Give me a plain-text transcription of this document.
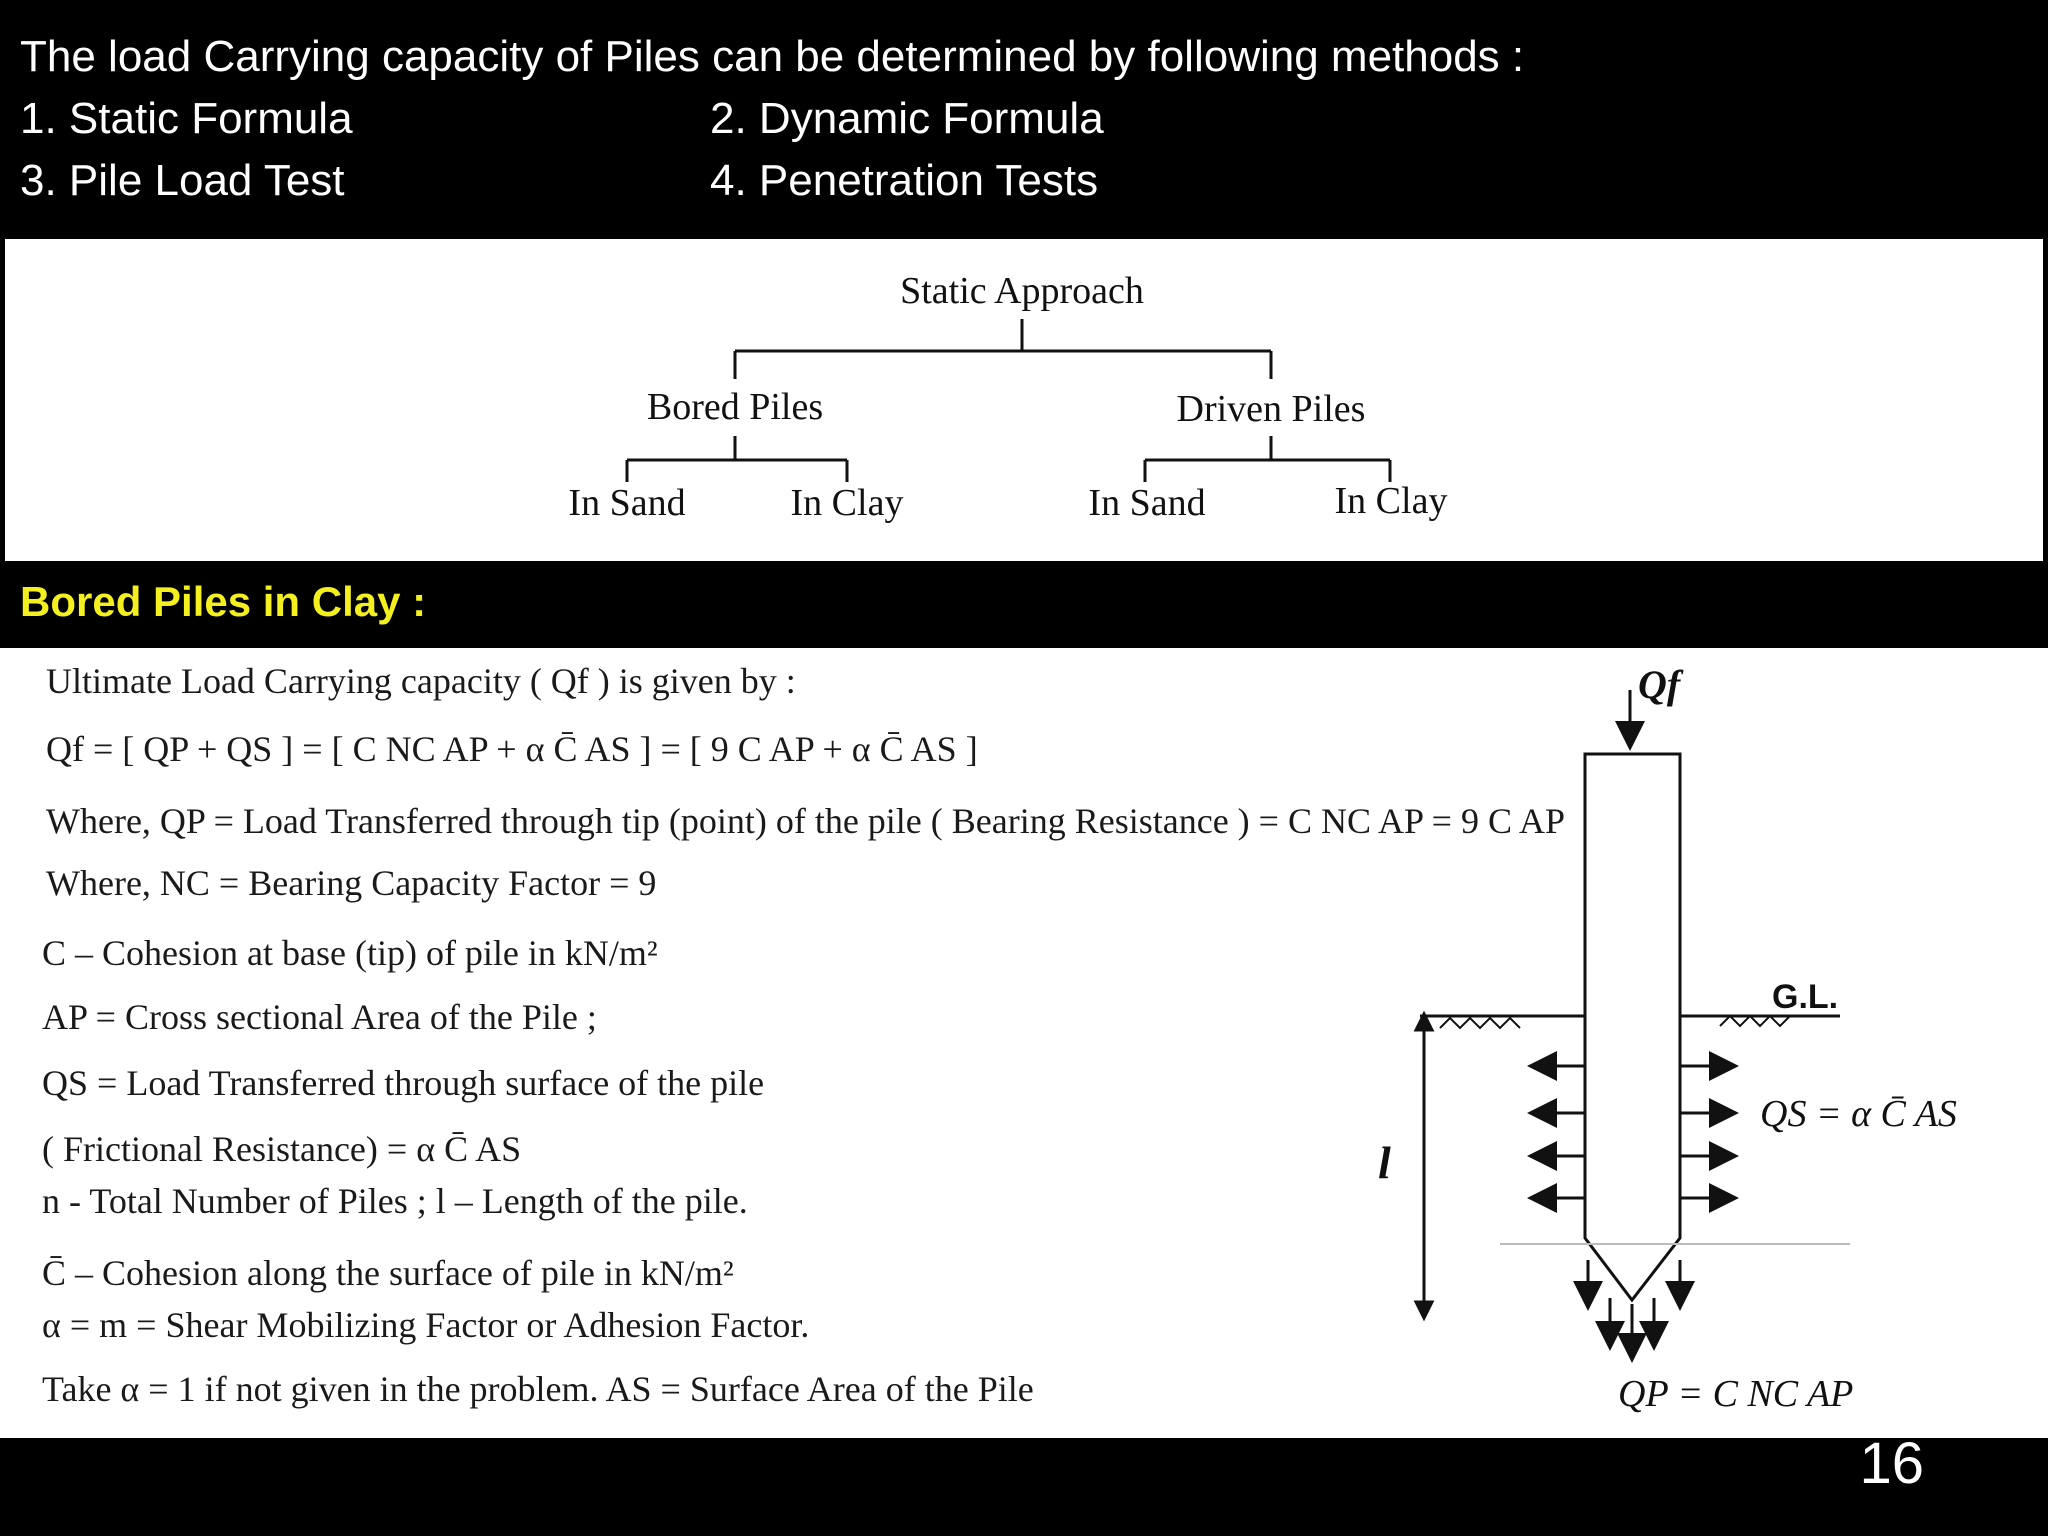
The load Carrying capacity of Piles can be determined by following methods :
1. Static Formula	2. Dynamic Formula
3. Pile Load Test	4. Penetration Tests
Static Approach
Bored Piles	Driven Piles
In Sand	In Clay	In Sand	In Clay
Bored Piles in Clay :
Ultimate Load Carrying capacity ( Qf ) is given by :
Qf = [ QP + QS ] = [ C NC AP + α C̄ AS ] = [ 9 C AP + α C̄ AS ]
Where, QP = Load Transferred through tip (point) of the pile ( Bearing Resistance ) = C NC AP = 9 C AP
Where, NC = Bearing Capacity Factor = 9
C – Cohesion at base (tip) of pile in kN/m²
AP = Cross sectional Area of the Pile ;
QS = Load Transferred through surface of the pile
( Frictional Resistance) = α C̄ AS
n - Total Number of Piles ; l – Length of the pile.
C̄ – Cohesion along the surface of pile in kN/m²
α = m = Shear Mobilizing Factor or Adhesion Factor.
Take α = 1 if not given in the problem. AS = Surface Area of the Pile
Qf
G.L.
l
QS = α C̄ AS
QP = C NC AP
16
